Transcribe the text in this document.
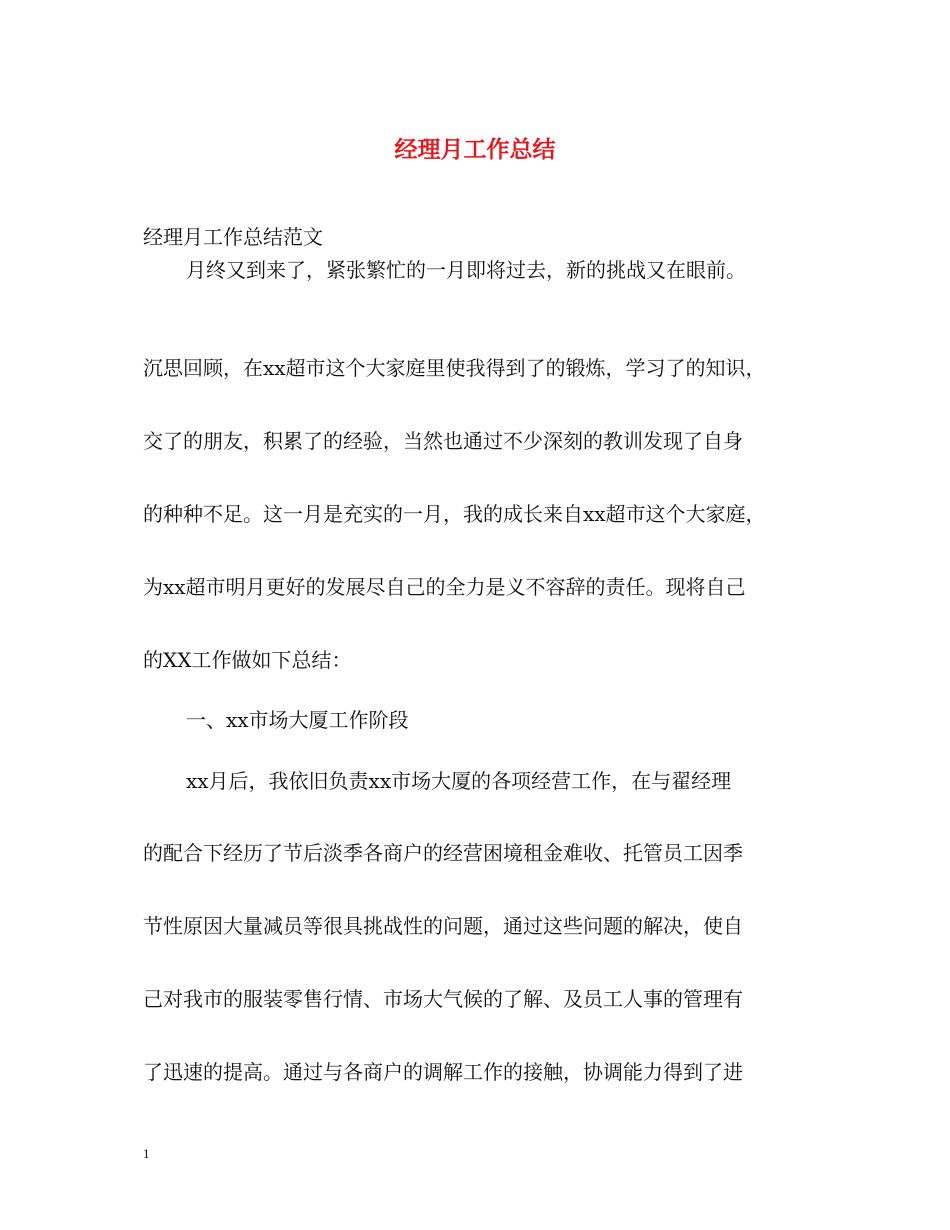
经理月工作总结

经理月工作总结范文

月终又到来了，紧张繁忙的一月即将过去，新的挑战又在眼前。

沉思回顾，在xx超市这个大家庭里使我得到了的锻炼，学习了的知识，

交了的朋友，积累了的经验，当然也通过不少深刻的教训发现了自身

的种种不足。这一月是充实的一月，我的成长来自xx超市这个大家庭，

为xx超市明月更好的发展尽自己的全力是义不容辞的责任。现将自己

的XX工作做如下总结：

一、xx市场大厦工作阶段

xx月后，我依旧负责xx市场大厦的各项经营工作，在与翟经理

的配合下经历了节后淡季各商户的经营困境租金难收、托管员工因季

节性原因大量减员等很具挑战性的问题，通过这些问题的解决，使自

己对我市的服装零售行情、市场大气候的了解、及员工人事的管理有

了迅速的提高。通过与各商户的调解工作的接触，协调能力得到了进

1
